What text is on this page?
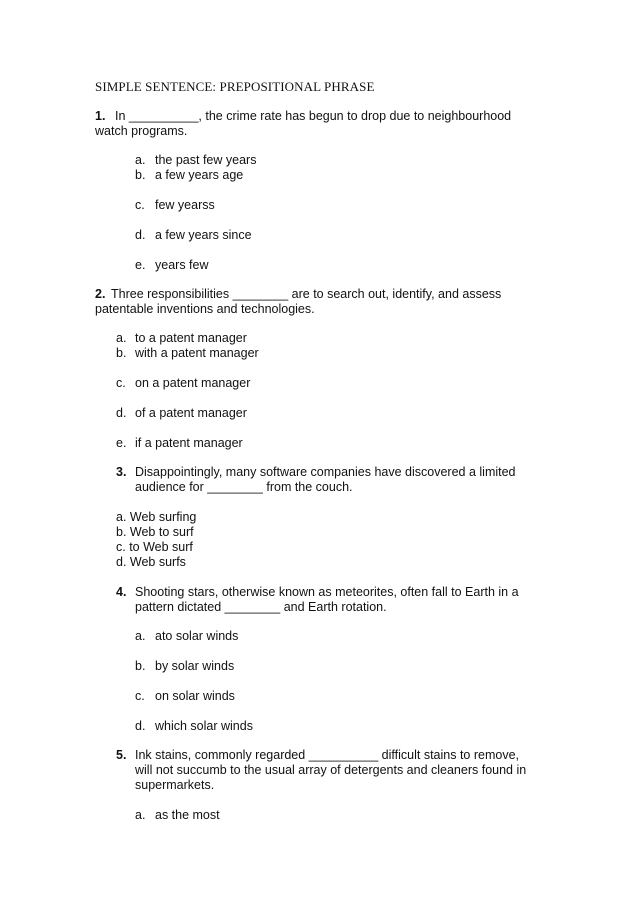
SIMPLE SENTENCE: PREPOSITIONAL PHRASE
1. In __________, the crime rate has begun to drop due to neighbourhood
watch programs.
a. the past few years
b. a few years age
c. few yearss
d. a few years since
e. years few
2. Three responsibilities ________ are to search out, identify, and assess
patentable inventions and technologies.
a. to a patent manager
b. with a patent manager
c. on a patent manager
d. of a patent manager
e. if a patent manager
3. Disappointingly, many software companies have discovered a limited
audience for ________ from the couch.
a. Web surfing
b. Web to surf
c. to Web surf
d. Web surfs
4. Shooting stars, otherwise known as meteorites, often fall to Earth in a
pattern dictated ________ and Earth rotation.
a. ato solar winds
b. by solar winds
c. on solar winds
d. which solar winds
5. Ink stains, commonly regarded __________ difficult stains to remove,
will not succumb to the usual array of detergents and cleaners found in
supermarkets.
a. as the most
